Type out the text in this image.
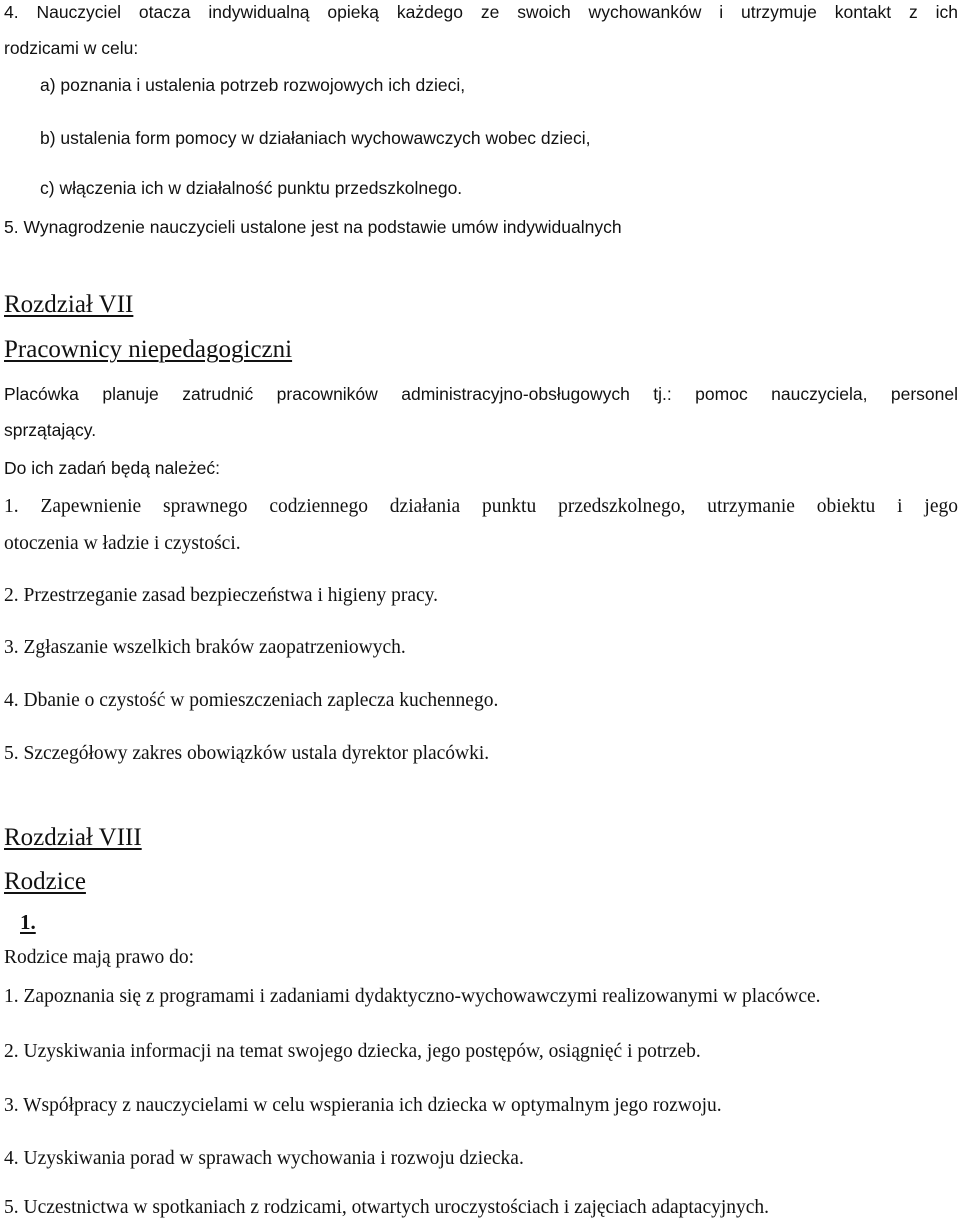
4. Nauczyciel otacza indywidualną opieką każdego ze swoich wychowanków i utrzymuje kontakt z ich
rodzicami w celu:
a) poznania i ustalenia potrzeb rozwojowych ich dzieci,
b) ustalenia form pomocy w działaniach wychowawczych wobec dzieci,
c) włączenia ich w działalność punktu przedszkolnego.
5. Wynagrodzenie nauczycieli ustalone jest na podstawie umów indywidualnych
Rozdział VII
Pracownicy niepedagogiczni
Placówka planuje zatrudnić pracowników administracyjno-obsługowych tj.: pomoc nauczyciela, personel
sprzątający.
Do ich zadań będą należeć:
1. Zapewnienie sprawnego codziennego działania punktu przedszkolnego, utrzymanie obiektu i jego
otoczenia w ładzie i czystości.
2. Przestrzeganie zasad bezpieczeństwa i higieny pracy.
3. Zgłaszanie wszelkich braków zaopatrzeniowych.
4. Dbanie o czystość w pomieszczeniach zaplecza kuchennego.
5. Szczegółowy zakres obowiązków ustala dyrektor placówki.
Rozdział VIII
Rodzice
1.
Rodzice mają prawo do:
1. Zapoznania się z programami i zadaniami dydaktyczno-wychowawczymi realizowanymi w placówce.
2. Uzyskiwania informacji na temat swojego dziecka, jego postępów, osiągnięć i potrzeb.
3. Współpracy z nauczycielami w celu wspierania ich dziecka w optymalnym jego rozwoju.
4. Uzyskiwania porad w sprawach wychowania i rozwoju dziecka.
5. Uczestnictwa w spotkaniach z rodzicami, otwartych uroczystościach i zajęciach adaptacyjnych.
